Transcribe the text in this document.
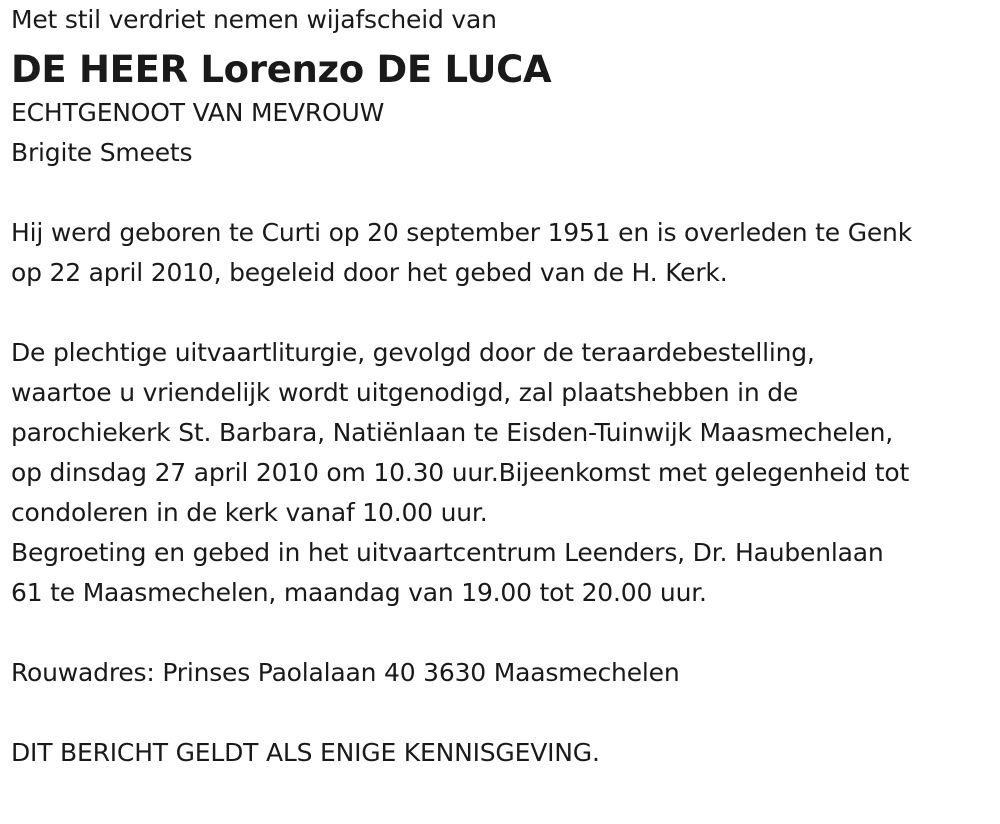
Met stil verdriet nemen wijafscheid van
DE HEER Lorenzo DE LUCA
ECHTGENOOT VAN MEVROUW
Brigite Smeets
Hij werd geboren te Curti op 20 september 1951 en is overleden te Genk
op 22 april 2010, begeleid door het gebed van de H. Kerk.
De plechtige uitvaartliturgie, gevolgd door de teraardebestelling,
waartoe u vriendelijk wordt uitgenodigd, zal plaatshebben in de
parochiekerk St. Barbara, Natiënlaan te Eisden-Tuinwijk Maasmechelen,
op dinsdag 27 april 2010 om 10.30 uur.Bijeenkomst met gelegenheid tot
condoleren in de kerk vanaf 10.00 uur.
Begroeting en gebed in het uitvaartcentrum Leenders, Dr. Haubenlaan
61 te Maasmechelen, maandag van 19.00 tot 20.00 uur.
Rouwadres: Prinses Paolalaan 40 3630 Maasmechelen
DIT BERICHT GELDT ALS ENIGE KENNISGEVING.
